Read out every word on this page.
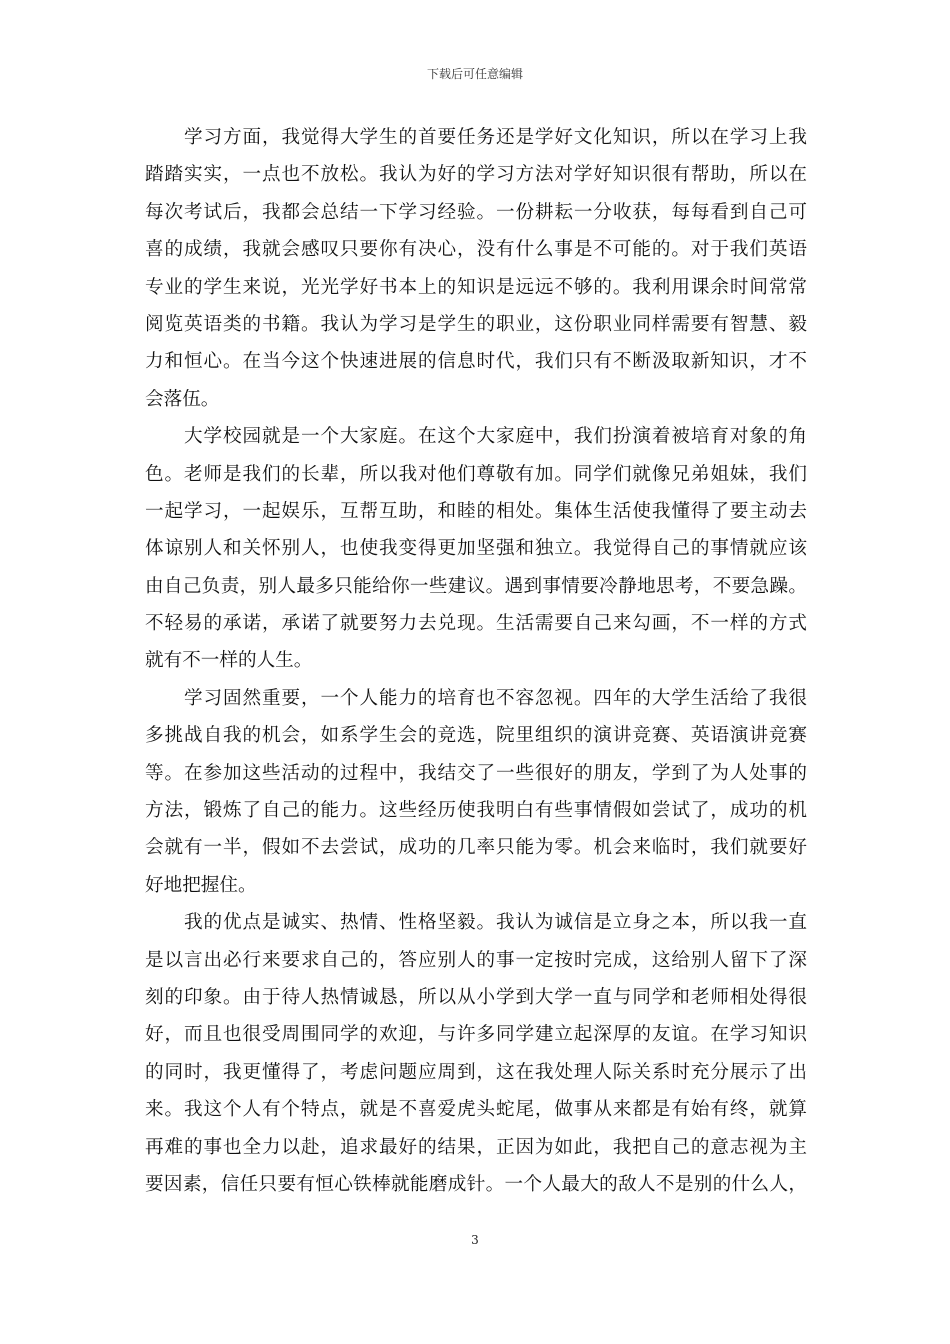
下载后可任意编辑
　　学习方面，我觉得大学生的首要任务还是学好文化知识，所以在学习上我
踏踏实实，一点也不放松。我认为好的学习方法对学好知识很有帮助，所以在
每次考试后，我都会总结一下学习经验。一份耕耘一分收获，每每看到自己可
喜的成绩，我就会感叹只要你有决心，没有什么事是不可能的。对于我们英语
专业的学生来说，光光学好书本上的知识是远远不够的。我利用课余时间常常
阅览英语类的书籍。我认为学习是学生的职业，这份职业同样需要有智慧、毅
力和恒心。在当今这个快速进展的信息时代，我们只有不断汲取新知识，才不
会落伍。
　　大学校园就是一个大家庭。在这个大家庭中，我们扮演着被培育对象的角
色。老师是我们的长辈，所以我对他们尊敬有加。同学们就像兄弟姐妹，我们
一起学习，一起娱乐，互帮互助，和睦的相处。集体生活使我懂得了要主动去
体谅别人和关怀别人，也使我变得更加坚强和独立。我觉得自己的事情就应该
由自己负责，别人最多只能给你一些建议。遇到事情要冷静地思考，不要急躁。
不轻易的承诺，承诺了就要努力去兑现。生活需要自己来勾画，不一样的方式
就有不一样的人生。
　　学习固然重要，一个人能力的培育也不容忽视。四年的大学生活给了我很
多挑战自我的机会，如系学生会的竞选，院里组织的演讲竞赛、英语演讲竞赛
等。在参加这些活动的过程中，我结交了一些很好的朋友，学到了为人处事的
方法，锻炼了自己的能力。这些经历使我明白有些事情假如尝试了，成功的机
会就有一半，假如不去尝试，成功的几率只能为零。机会来临时，我们就要好
好地把握住。
　　我的优点是诚实、热情、性格坚毅。我认为诚信是立身之本，所以我一直
是以言出必行来要求自己的，答应别人的事一定按时完成，这给别人留下了深
刻的印象。由于待人热情诚恳，所以从小学到大学一直与同学和老师相处得很
好，而且也很受周围同学的欢迎，与许多同学建立起深厚的友谊。在学习知识
的同时，我更懂得了，考虑问题应周到，这在我处理人际关系时充分展示了出
来。我这个人有个特点，就是不喜爱虎头蛇尾，做事从来都是有始有终，就算
再难的事也全力以赴，追求最好的结果，正因为如此，我把自己的意志视为主
要因素，信任只要有恒心铁棒就能磨成针。一个人最大的敌人不是别的什么人，
3
